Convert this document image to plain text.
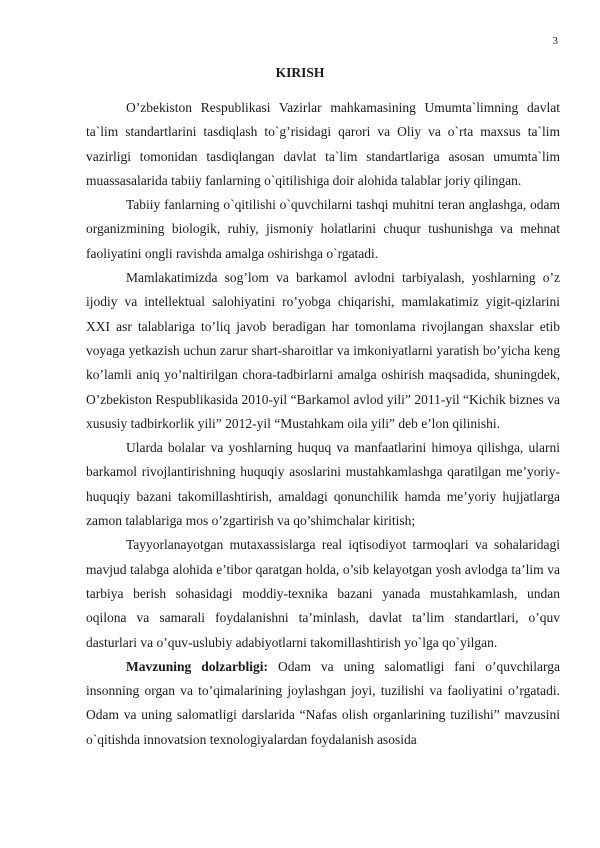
3
KIRISH

O’zbekiston Respublikasi Vazirlar mahkamasining Umumta`limning davlat ta`lim standartlarini tasdiqlash to`g’risidagi qarori va Oliy va o`rta maxsus ta`lim vazirligi tomonidan tasdiqlangan davlat ta`lim standartlariga asosan umumta`lim muassasalarida tabiiy fanlarning o`qitilishiga doir alohida talablar joriy qilingan.

Tabiiy fanlarning o`qitilishi o`quvchilarni tashqi muhitni teran anglashga, odam organizmining biologik, ruhiy, jismoniy holatlarini chuqur tushunishga va mehnat faoliyatini ongli ravishda amalga oshirishga o`rgatadi.

Mamlakatimizda sog’lom va barkamol avlodni tarbiyalash, yoshlarning o’z ijodiy va intellektual salohiyatini ro’yobga chiqarishi, mamlakatimiz yigit-qizlarini XXI asr talablariga to’liq javob beradigan har tomonlama rivojlangan shaxslar etib voyaga yetkazish uchun zarur shart-sharoitlar va imkoniyatlarni yaratish bo’yicha keng ko’lamli aniq yo’naltirilgan chora-tadbirlarni amalga oshirish maqsadida, shuningdek, O’zbekiston Respublikasida 2010-yil “Barkamol avlod yili” 2011-yil “Kichik biznes va xususiy tadbirkorlik yili” 2012-yil “Mustahkam oila yili” deb e’lon qilinishi.

Ularda bolalar va yoshlarning huquq va manfaatlarini himoya qilishga, ularni barkamol rivojlantirishning huquqiy asoslarini mustahkamlashga qaratilgan me’yoriy-huquqiy bazani takomillashtirish, amaldagi qonunchilik hamda me’yoriy hujjatlarga zamon talablariga mos o’zgartirish va qo’shimchalar kiritish;

Tayyorlanayotgan mutaxassislarga real iqtisodiyot tarmoqlari va sohalaridagi mavjud talabga alohida e’tibor qaratgan holda, o’sib kelayotgan yosh avlodga ta’lim va tarbiya berish sohasidagi moddiy-texnika bazani yanada mustahkamlash, undan oqilona va samarali foydalanishni ta’minlash, davlat ta’lim standartlari, o’quv dasturlari va o’quv-uslubiy adabiyotlarni takomillashtirish yo`lga qo`yilgan.

Mavzuning dolzarbligi: Odam va uning salomatligi fani o’quvchilarga insonning organ va to’qimalarining joylashgan joyi, tuzilishi va faoliyatini o’rgatadi. Odam va uning salomatligi darslarida “Nafas olish organlarining tuzilishi” mavzusini o`qitishda innovatsion texnologiyalardan foydalanish asosida
